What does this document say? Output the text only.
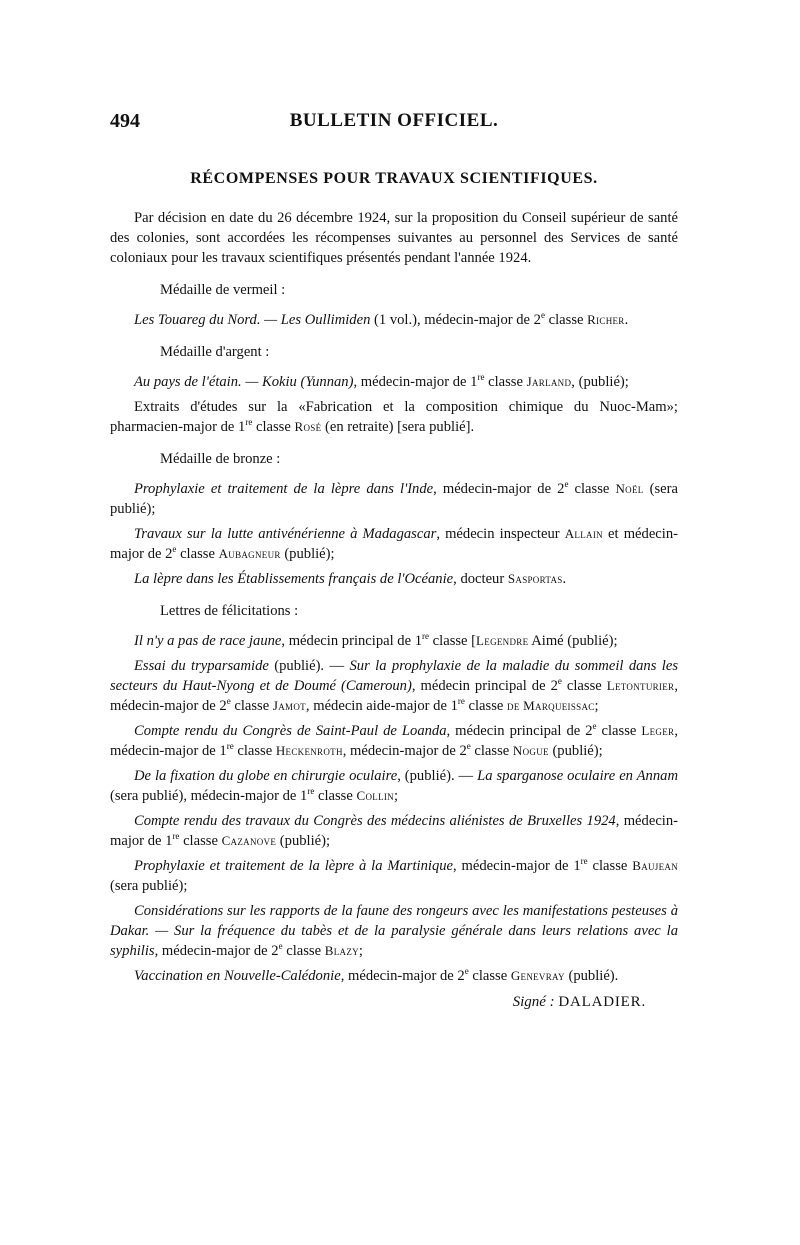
494	BULLETIN OFFICIEL.
RÉCOMPENSES POUR TRAVAUX SCIENTIFIQUES.

Par décision en date du 26 décembre 1924, sur la proposition du Conseil supérieur de santé des colonies, sont accordées les récompenses suivantes au personnel des Services de santé coloniaux pour les travaux scientifiques présentés pendant l'année 1924.

Médaille de vermeil :

Les Touareg du Nord. — Les Oullimiden (1 vol.), médecin-major de 2e classe Richer.

Médaille d'argent :

Au pays de l'étain. — Kokiu (Yunnan), médecin-major de 1re classe Jarland, (publié);

Extraits d'études sur la «Fabrication et la composition chimique du Nuoc-Mam»; pharmacien-major de 1re classe Rosé (en retraite) [sera publié].

Médaille de bronze :

Prophylaxie et traitement de la lèpre dans l'Inde, médecin-major de 2e classe Noël (sera publié);

Travaux sur la lutte antivénérienne à Madagascar, médecin inspecteur Allain et médecin-major de 2e classe Aubagneur (publié);

La lèpre dans les Établissements français de l'Océanie, docteur Sasportas.

Lettres de félicitations :

Il n'y a pas de race jaune, médecin principal de 1re classe [Legendre Aimé (publié);

Essai du tryparsamide (publié). — Sur la prophylaxie de la maladie du sommeil dans les secteurs du Haut-Nyong et de Doumé (Cameroun), médecin principal de 2e classe Letonturier, médecin-major de 2e classe Jamot, médecin aide-major de 1re classe de Marqueissac;

Compte rendu du Congrès de Saint-Paul de Loanda, médecin principal de 2e classe Leger, médecin-major de 1re classe Heckenroth, médecin-major de 2e classe Nogue (publié);

De la fixation du globe en chirurgie oculaire, (publié). — La sparganose oculaire en Annam (sera publié), médecin-major de 1re classe Collin;

Compte rendu des travaux du Congrès des médecins aliénistes de Bruxelles 1924, médecin-major de 1re classe Cazanove (publié);

Prophylaxie et traitement de la lèpre à la Martinique, médecin-major de 1re classe Baujean (sera publié);

Considérations sur les rapports de la faune des rongeurs avec les manifestations pesteuses à Dakar. — Sur la fréquence du tabès et de la paralysie générale dans leurs relations avec la syphilis, médecin-major de 2e classe Blazy;

Vaccination en Nouvelle-Calédonie, médecin-major de 2e classe Genevray (publié).

Signé : DALADIER.
